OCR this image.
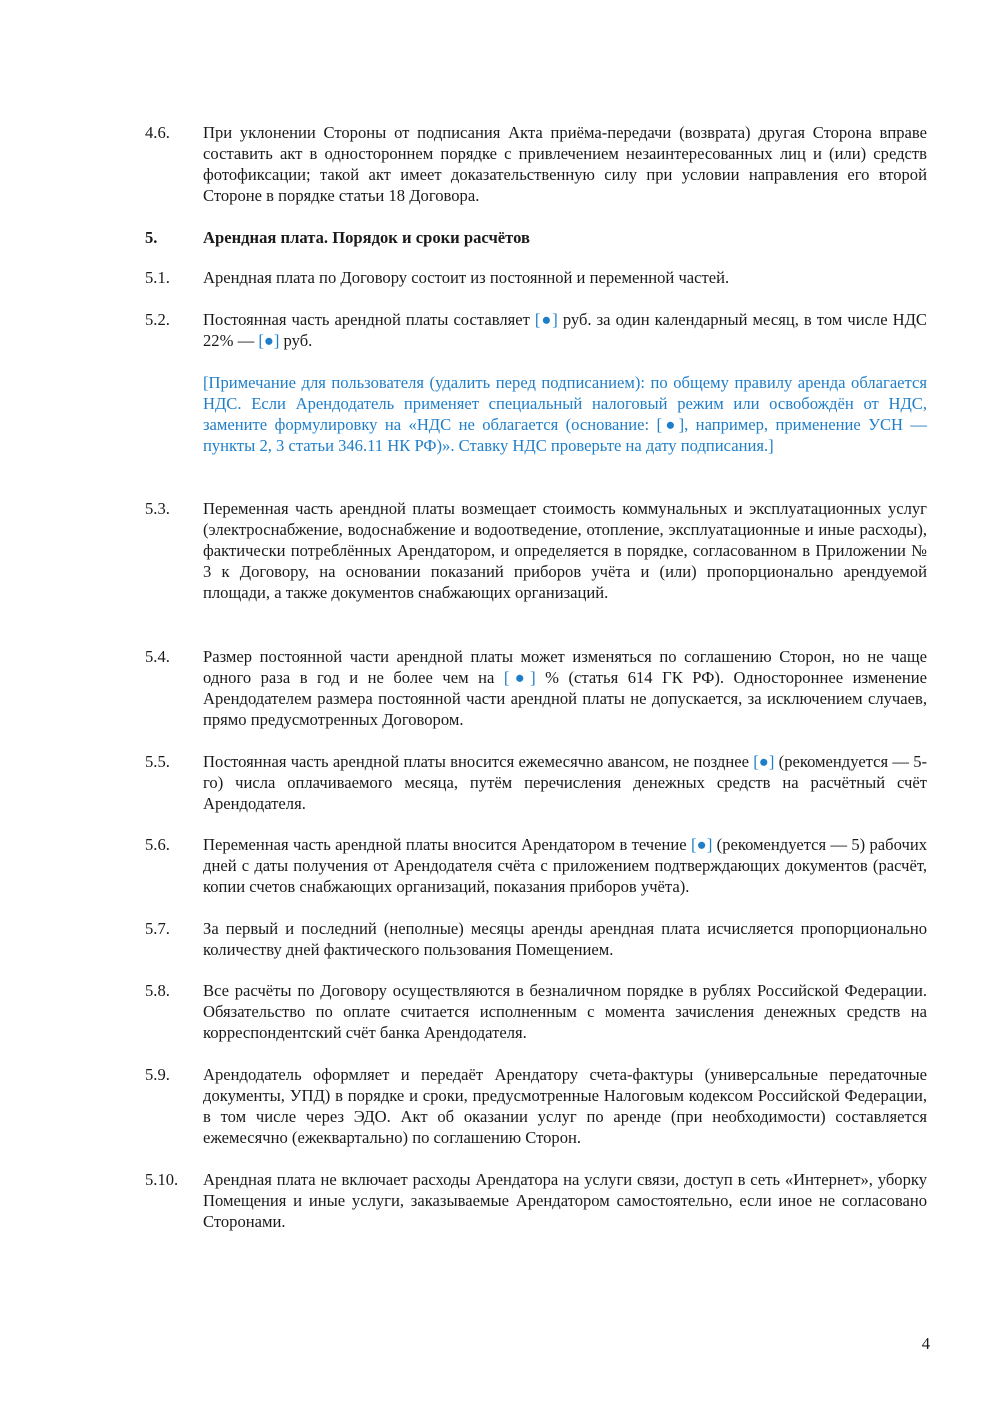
4.6.	При уклонении Стороны от подписания Акта приёма-передачи (возврата) другая Сторона вправе составить акт в одностороннем порядке с привлечением незаинтересованных лиц и (или) средств фотофиксации; такой акт имеет доказательственную силу при условии направления его второй Стороне в порядке статьи 18 Договора.
5.	Арендная плата. Порядок и сроки расчётов
5.1.	Арендная плата по Договору состоит из постоянной и переменной частей.
5.2.	Постоянная часть арендной платы составляет [●] руб. за один календарный месяц, в том числе НДС 22% — [●] руб.
[Примечание для пользователя (удалить перед подписанием): по общему правилу аренда облагается НДС. Если Арендодатель применяет специальный налоговый режим или освобождён от НДС, замените формулировку на «НДС не облагается (основание: [●], например, применение УСН — пункты 2, 3 статьи 346.11 НК РФ)». Ставку НДС проверьте на дату подписания.]
5.3.	Переменная часть арендной платы возмещает стоимость коммунальных и эксплуатационных услуг (электроснабжение, водоснабжение и водоотведение, отопление, эксплуатационные и иные расходы), фактически потреблённых Арендатором, и определяется в порядке, согласованном в Приложении № 3 к Договору, на основании показаний приборов учёта и (или) пропорционально арендуемой площади, а также документов снабжающих организаций.
5.4.	Размер постоянной части арендной платы может изменяться по соглашению Сторон, но не чаще одного раза в год и не более чем на [●] % (статья 614 ГК РФ). Одностороннее изменение Арендодателем размера постоянной части арендной платы не допускается, за исключением случаев, прямо предусмотренных Договором.
5.5.	Постоянная часть арендной платы вносится ежемесячно авансом, не позднее [●] (рекомендуется — 5-го) числа оплачиваемого месяца, путём перечисления денежных средств на расчётный счёт Арендодателя.
5.6.	Переменная часть арендной платы вносится Арендатором в течение [●] (рекомендуется — 5) рабочих дней с даты получения от Арендодателя счёта с приложением подтверждающих документов (расчёт, копии счетов снабжающих организаций, показания приборов учёта).
5.7.	За первый и последний (неполные) месяцы аренды арендная плата исчисляется пропорционально количеству дней фактического пользования Помещением.
5.8.	Все расчёты по Договору осуществляются в безналичном порядке в рублях Российской Федерации. Обязательство по оплате считается исполненным с момента зачисления денежных средств на корреспондентский счёт банка Арендодателя.
5.9.	Арендодатель оформляет и передаёт Арендатору счета-фактуры (универсальные передаточные документы, УПД) в порядке и сроки, предусмотренные Налоговым кодексом Российской Федерации, в том числе через ЭДО. Акт об оказании услуг по аренде (при необходимости) составляется ежемесячно (ежеквартально) по соглашению Сторон.
5.10.	Арендная плата не включает расходы Арендатора на услуги связи, доступ в сеть «Интернет», уборку Помещения и иные услуги, заказываемые Арендатором самостоятельно, если иное не согласовано Сторонами.
4
